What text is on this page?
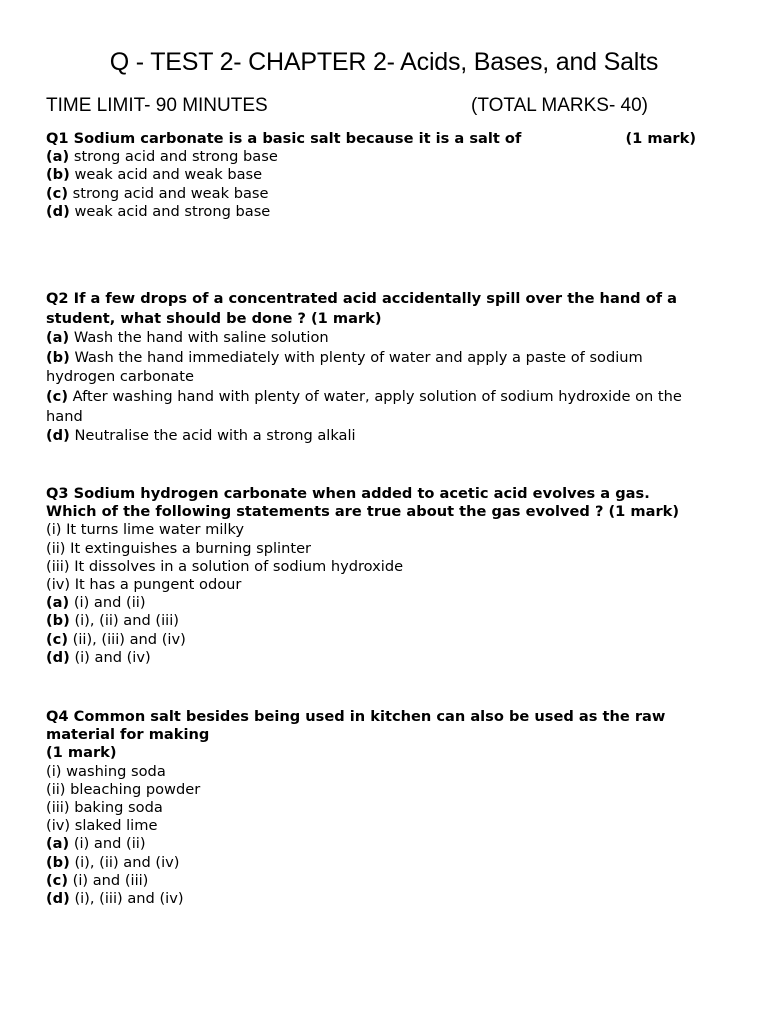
Q - TEST 2- CHAPTER 2- Acids, Bases, and Salts
TIME LIMIT- 90 MINUTES	(TOTAL MARKS- 40)
Q1 Sodium carbonate is a basic salt because it is a salt of	(1 mark)
(a) strong acid and strong base
(b) weak acid and weak base
(c) strong acid and weak base
(d) weak acid and strong base
Q2 If a few drops of a concentrated acid accidentally spill over the hand of a
student, what should be done ? (1 mark)
(a) Wash the hand with saline solution
(b) Wash the hand immediately with plenty of water and apply a paste of sodium hydrogen carbonate
(c) After washing hand with plenty of water, apply solution of sodium hydroxide on the hand
(d) Neutralise the acid with a strong alkali
Q3 Sodium hydrogen carbonate when added to acetic acid evolves a gas.
Which of the following statements are true about the gas evolved ? (1 mark)
(i) It turns lime water milky
(ii) It extinguishes a burning splinter
(iii) It dissolves in a solution of sodium hydroxide
(iv) It has a pungent odour
(a) (i) and (ii)
(b) (i), (ii) and (iii)
(c) (ii), (iii) and (iv)
(d) (i) and (iv)
Q4 Common salt besides being used in kitchen can also be used as the raw
material for making
(1 mark)
(i) washing soda
(ii) bleaching powder
(iii) baking soda
(iv) slaked lime
(a) (i) and (ii)
(b) (i), (ii) and (iv)
(c) (i) and (iii)
(d) (i), (iii) and (iv)
